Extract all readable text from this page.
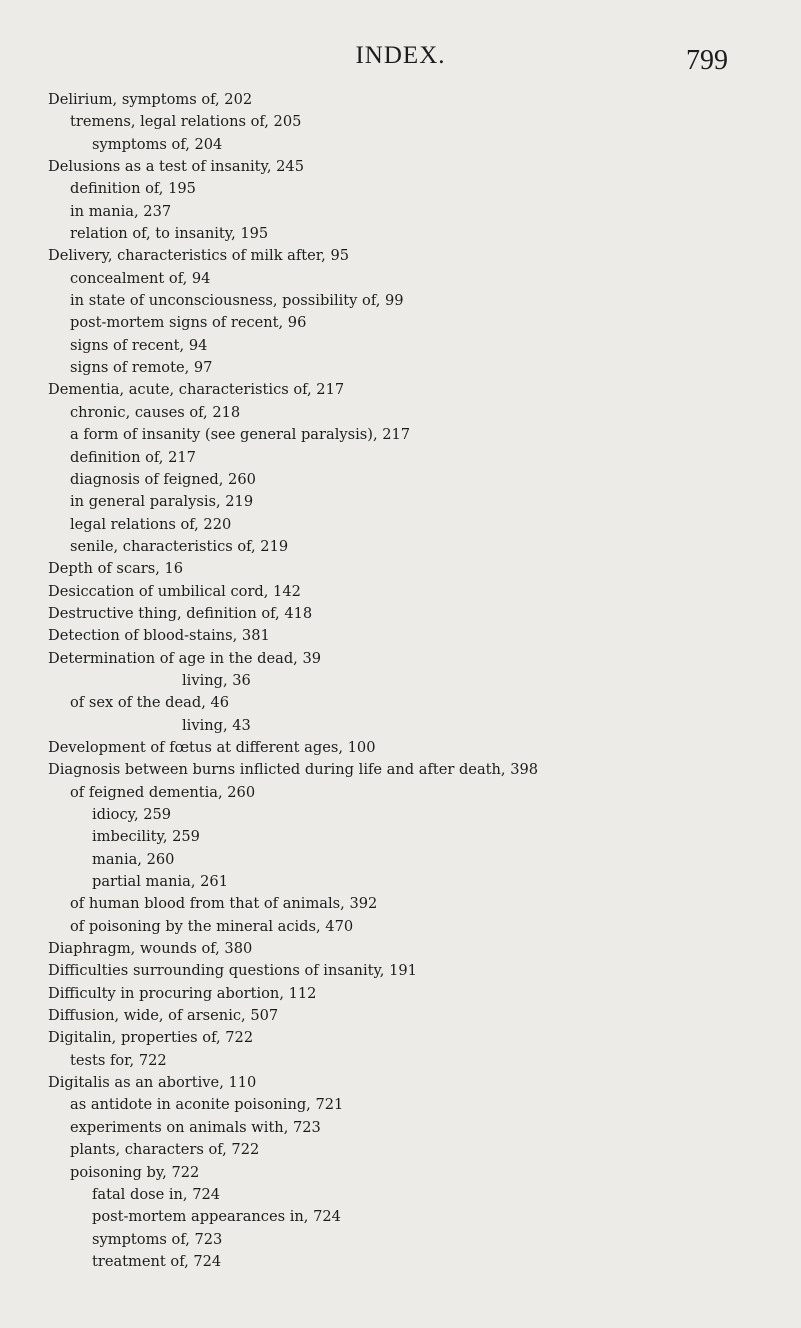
INDEX.	799
Delirium, symptoms of, 202
tremens, legal relations of, 205
symptoms of, 204
Delusions as a test of insanity, 245
definition of, 195
in mania, 237
relation of, to insanity, 195
Delivery, characteristics of milk after, 95
concealment of, 94
in state of unconsciousness, possibility of, 99
post-mortem signs of recent, 96
signs of recent, 94
signs of remote, 97
Dementia, acute, characteristics of, 217
chronic, causes of, 218
a form of insanity (see general paralysis), 217
definition of, 217
diagnosis of feigned, 260
in general paralysis, 219
legal relations of, 220
senile, characteristics of, 219
Depth of scars, 16
Desiccation of umbilical cord, 142
Destructive thing, definition of, 418
Detection of blood-stains, 381
Determination of age in the dead, 39
living, 36
of sex of the dead, 46
living, 43
Development of fœtus at different ages, 100
Diagnosis between burns inflicted during life and after death, 398
of feigned dementia, 260
idiocy, 259
imbecility, 259
mania, 260
partial mania, 261
of human blood from that of animals, 392
of poisoning by the mineral acids, 470
Diaphragm, wounds of, 380
Difficulties surrounding questions of insanity, 191
Difficulty in procuring abortion, 112
Diffusion, wide, of arsenic, 507
Digitalin, properties of, 722
tests for, 722
Digitalis as an abortive, 110
as antidote in aconite poisoning, 721
experiments on animals with, 723
plants, characters of, 722
poisoning by, 722
fatal dose in, 724
post-mortem appearances in, 724
symptoms of, 723
treatment of, 724
